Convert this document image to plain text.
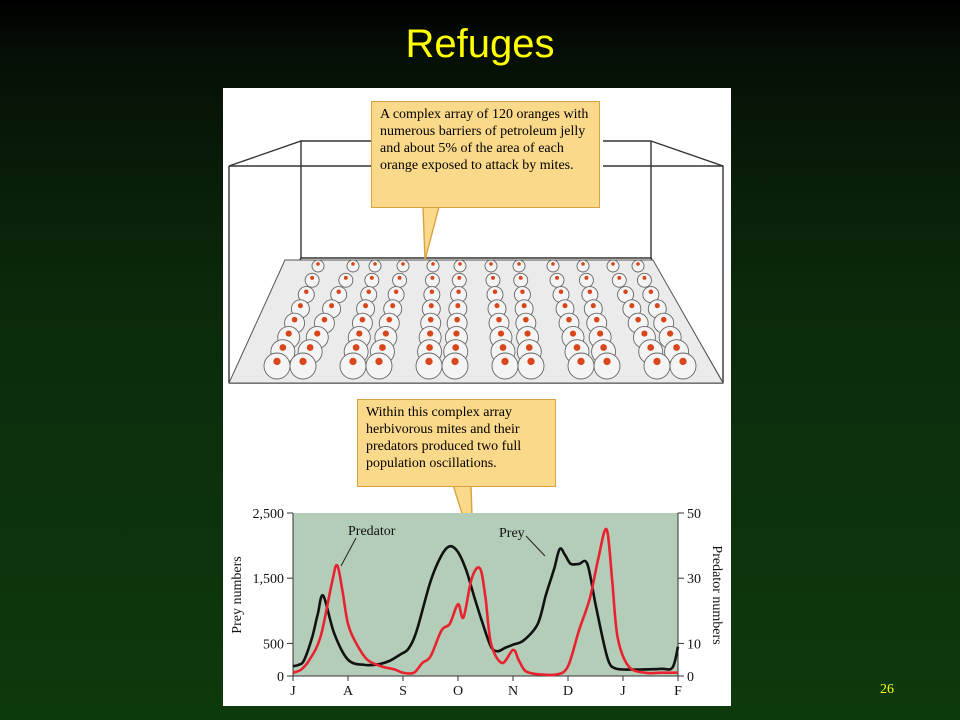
Refuges
0
500
1,500
2,500
0
10
30
50
J	A	S	O	N	D	J	F
Predator	Prey
Prey numbers	Predator numbers
A complex array of 120 oranges with numerous barriers of petroleum jelly and about 5% of the area of each orange exposed to attack by mites.
Within this complex array herbivorous mites and their predators produced two full population oscillations.
26
